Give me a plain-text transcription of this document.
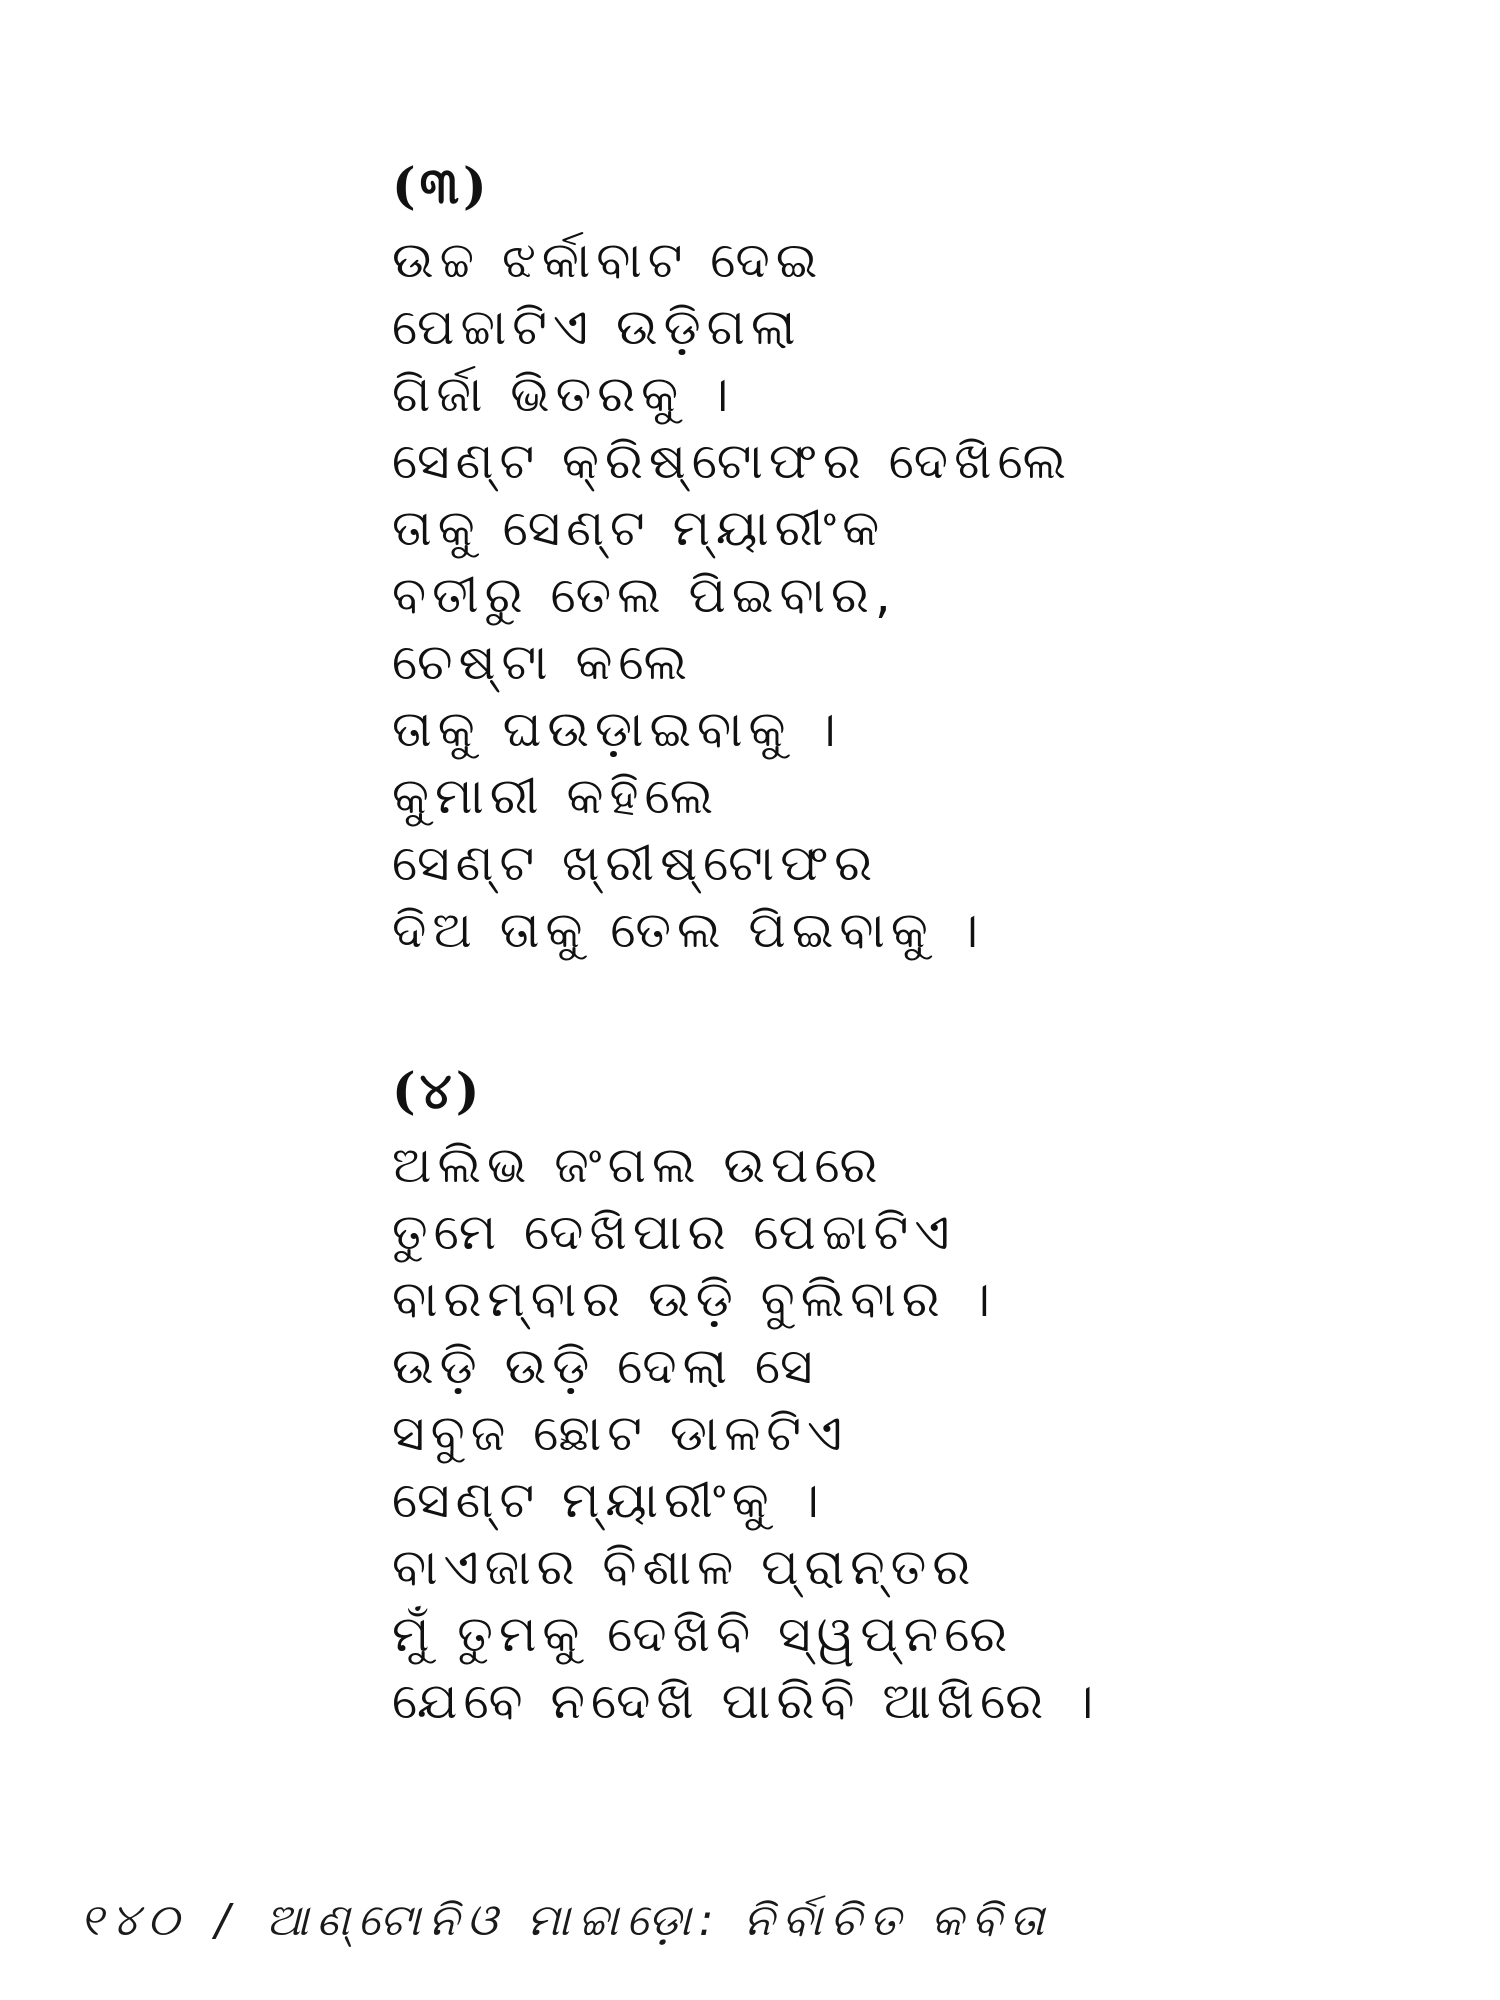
(୩)
ଉଚ୍ଚ ଝର୍କାବାଟ ଦେଇ
ପେଚ୍ଚାଟିଏ ଉଡ଼ିଗଲା
ଗିର୍ଜା ଭିତରକୁ ।
ସେଣ୍ଟ କ୍ରିଷ୍ଟୋଫର ଦେଖିଲେ
ତାକୁ ସେଣ୍ଟ ମ୍ୟାରୀଂକ
ବତୀରୁ ତେଲ ପିଇବାର,
ଚେଷ୍ଟା କଲେ
ତାକୁ ଘଉଡ଼ାଇବାକୁ ।
କୁମାରୀ କହିଲେ
ସେଣ୍ଟ ଖ୍ରୀଷ୍ଟୋଫର
ଦିଅ ତାକୁ ତେଲ ପିଇବାକୁ ।
(୪)
ଅଲିଭ ଜଂଗଲ ଉପରେ
ତୁମେ ଦେଖିପାର ପେଚ୍ଚାଟିଏ
ବାରମ୍ବାର ଉଡ଼ି ବୁଲିବାର ।
ଉଡ଼ି ଉଡ଼ି ଦେଲା ସେ
ସବୁଜ ଛୋଟ ଡାଳଟିଏ
ସେଣ୍ଟ ମ୍ୟାରୀଂକୁ ।
ବାଏଜାର ବିଶାଳ ପ୍ରାନ୍ତର
ମୁଁ ତୁମକୁ ଦେଖିବି ସ୍ୱପ୍ନରେ
ଯେବେ ନଦେଖି ପାରିବି ଆଖିରେ ।
୧୪୦ / ଆଣ୍ଟୋନିଓ ମାଚ୍ଚାଡ଼ୋ: ନିର୍ବାଚିତ କବିତା
